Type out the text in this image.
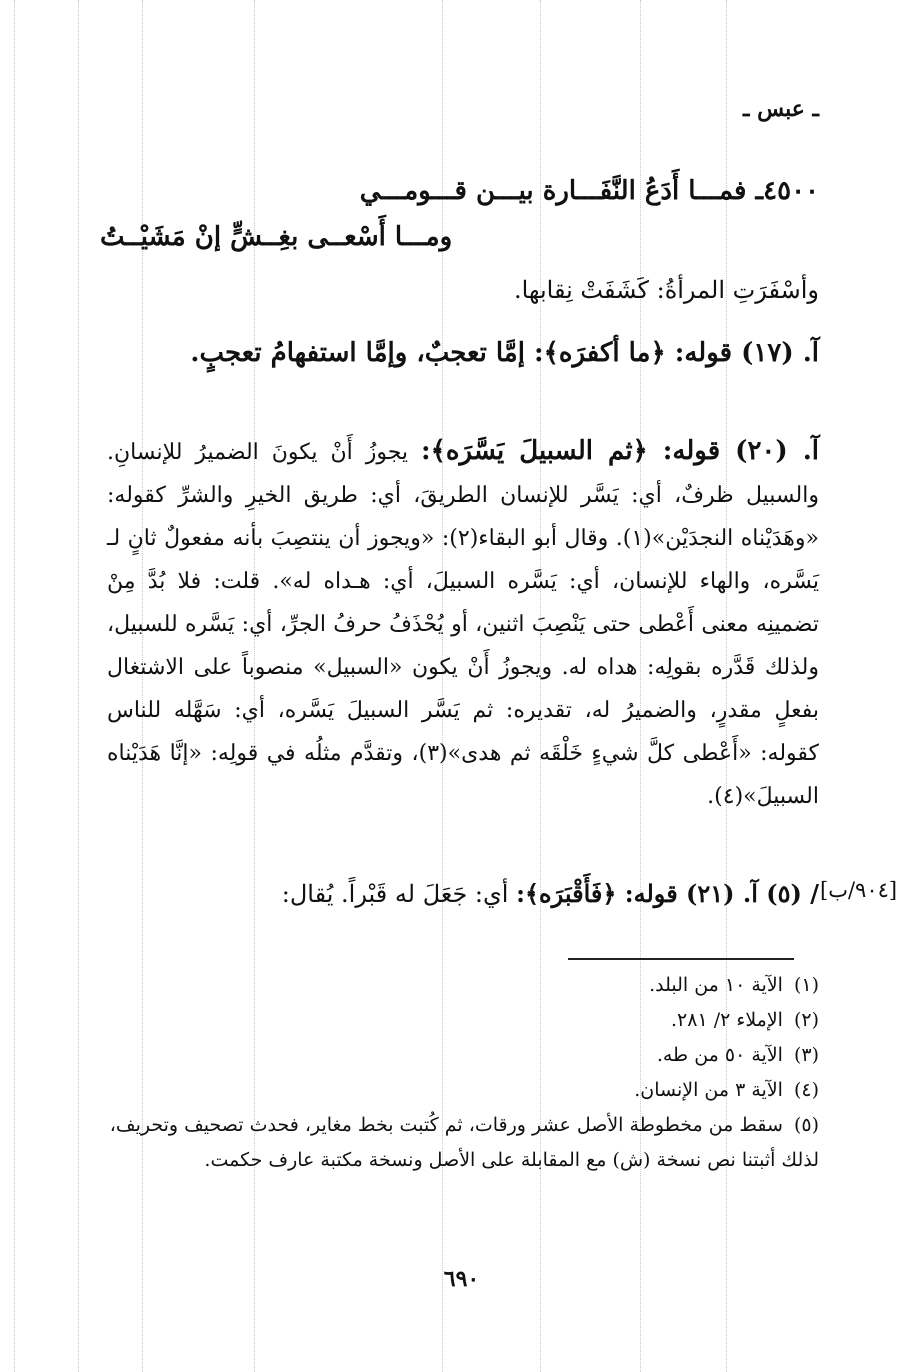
ـ عبس ـ
٤٥٠٠ـ فمـــا أَدَعُ النَّفَـــارة بيـــن قـــومـــي
ومـــا أَسْعــى بغِــشٍّ إنْ مَشَيْــتُ
وأسْفَرَتِ المرأةُ: كَشَفَتْ نِقابها.
آ. (١٧) قوله: ﴿ما أكفرَه﴾: إمَّا تعجبٌ، وإمَّا استفهامُ تعجبٍ.
آ. (٢٠) قوله: ﴿ثم السبيلَ يَسَّرَه﴾: يجوزُ أَنْ يكونَ الضميرُ للإنسانِ. والسبيل ظرفٌ، أي: يَسَّر للإنسان الطريقَ، أي: طريق الخيرِ والشرِّ كقوله: «وهَدَيْناه النجدَيْن»(١). وقال أبو البقاء(٢): «ويجوز أن ينتصِبَ بأنه مفعولٌ ثانٍ لـ يَسَّره، والهاء للإنسان، أي: يَسَّره السبيلَ، أي: هـداه له». قلت: فلا بُدَّ مِنْ تضمينِه معنى أَعْطى حتى يَنْصِبَ اثنين، أو يُحْذَفُ حرفُ الجرِّ، أي: يَسَّره للسبيل، ولذلك قَدَّره بقولِه: هداه له. ويجوزُ أَنْ يكون «السبيل» منصوباً على الاشتغال بفعلٍ مقدرٍ، والضميرُ له، تقديره: ثم يَسَّر السبيلَ يَسَّره، أي: سَهَّله للناس كقوله: «أَعْطى كلَّ شيءٍ خَلْقَه ثم هدى»(٣)، وتقدَّم مثلُه في قولِه: «إنَّا هَدَيْناه السبيلَ»(٤).
/ (٥) آ. (٢١) قوله: ﴿فَأَقْبَرَه﴾: أي: جَعَلَ له قَبْراً. يُقال:	[٩٠٤/ب]
(١) الآية ١٠ من البلد.
(٢) الإملاء ٢/ ٢٨١.
(٣) الآية ٥٠ من طه.
(٤) الآية ٣ من الإنسان.
(٥) سقط من مخطوطة الأصل عشر ورقات، ثم كُتبت بخط مغاير، فحدث تصحيف وتحريف، لذلك أثبتنا نص نسخة (ش) مع المقابلة على الأصل ونسخة مكتبة عارف حكمت.
٦٩٠
